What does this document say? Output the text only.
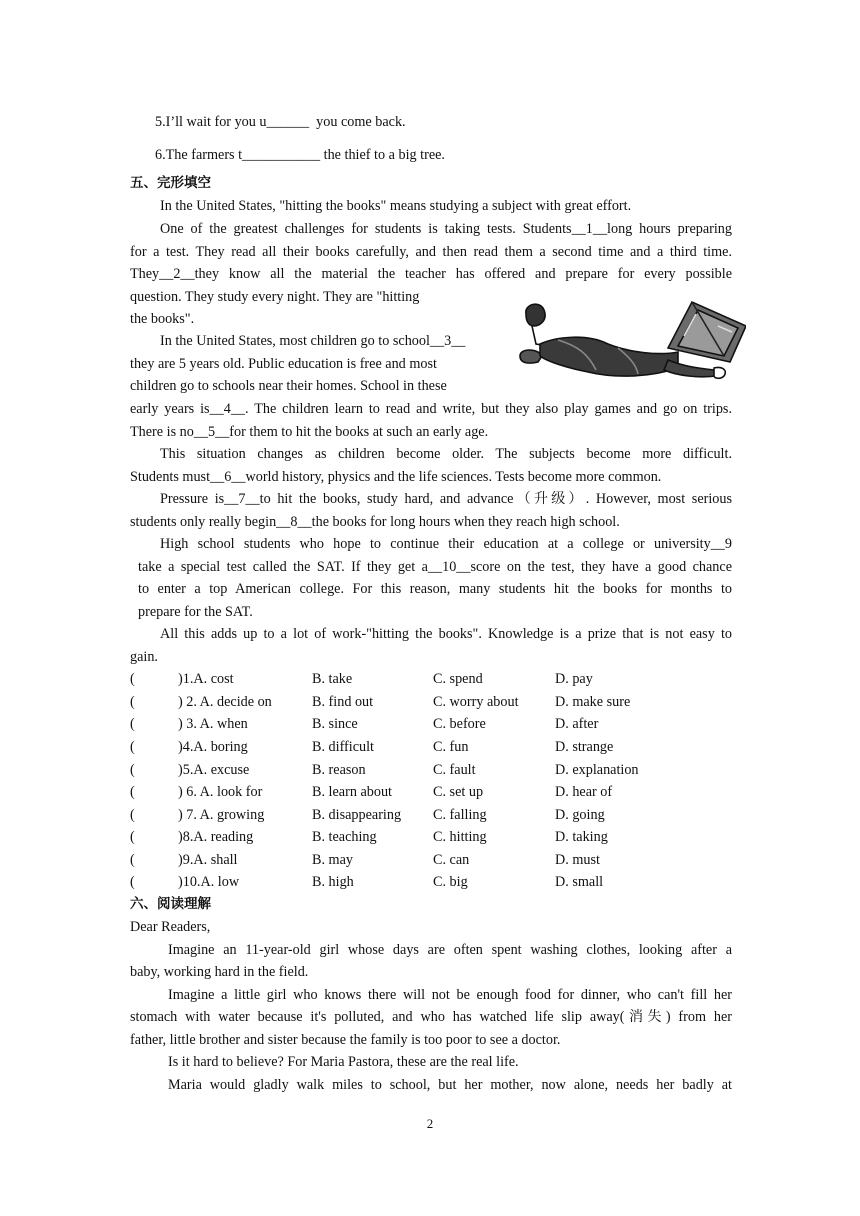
5.I’ll wait for you u______  you come back.
6.The farmers t___________ the thief to a big tree.
五、完形填空
In the United States, "hitting the books" means studying a subject with great effort.
One of the greatest challenges for students is taking tests. Students__1__long hours preparing
for a test. They read all their books carefully, and then read them a second time and a third time.
They__2__they know all the material the teacher has offered and prepare for every possible
question. They study every night. They are "hitting
the books".
In the United States, most children go to school__3__
they are 5 years old. Public education is free and most
children go to schools near their homes. School in these
early years is__4__. The children learn to read and write, but they also play games and go on trips.
There is no__5__for them to hit the books at such an early age.
This situation changes as children become older. The subjects become more difficult.
Students must__6__world history, physics and the life sciences. Tests become more common.
Pressure is__7__to hit the books, study hard, and advance（升级）. However, most serious
students only really begin__8__the books for long hours when they reach high school.
High school students who hope to continue their education at a college or university__9
take a special test called the SAT. If they get a__10__score on the test, they have a good chance
to enter a top American college. For this reason, many students hit the books for months to
prepare for the SAT.
All this adds up to a lot of work-"hitting the books". Knowledge is a prize that is not easy to
gain.
(	)1.A. cost	B. take	C. spend	D. pay
(	) 2. A. decide on	B. find out	C. worry about	D. make sure
(	) 3. A. when	B. since	C. before	D. after
(	)4.A. boring	B. difficult	C. fun	D. strange
(	)5.A. excuse	B. reason	C. fault	D. explanation
(	) 6. A. look for	B. learn about	C. set up	D. hear of
(	) 7. A. growing	B. disappearing C. falling	D. going
(	)8.A. reading	B. teaching	C. hitting	D. taking
(	)9.A. shall	B. may	C. can	D. must
(	)10.A. low	B. high	C. big	D. small
六、阅读理解
Dear Readers,
Imagine an 11-year-old girl whose days are often spent washing clothes, looking after a
baby, working hard in the field.
Imagine a little girl who knows there will not be enough food for dinner, who can't fill her
stomach with water because it's polluted, and who has watched life slip away(消失) from her
father, little brother and sister because the family is too poor to see a doctor.
Is it hard to believe? For Maria Pastora, these are the real life.
Maria would gladly walk miles to school, but her mother, now alone, needs her badly at
2
